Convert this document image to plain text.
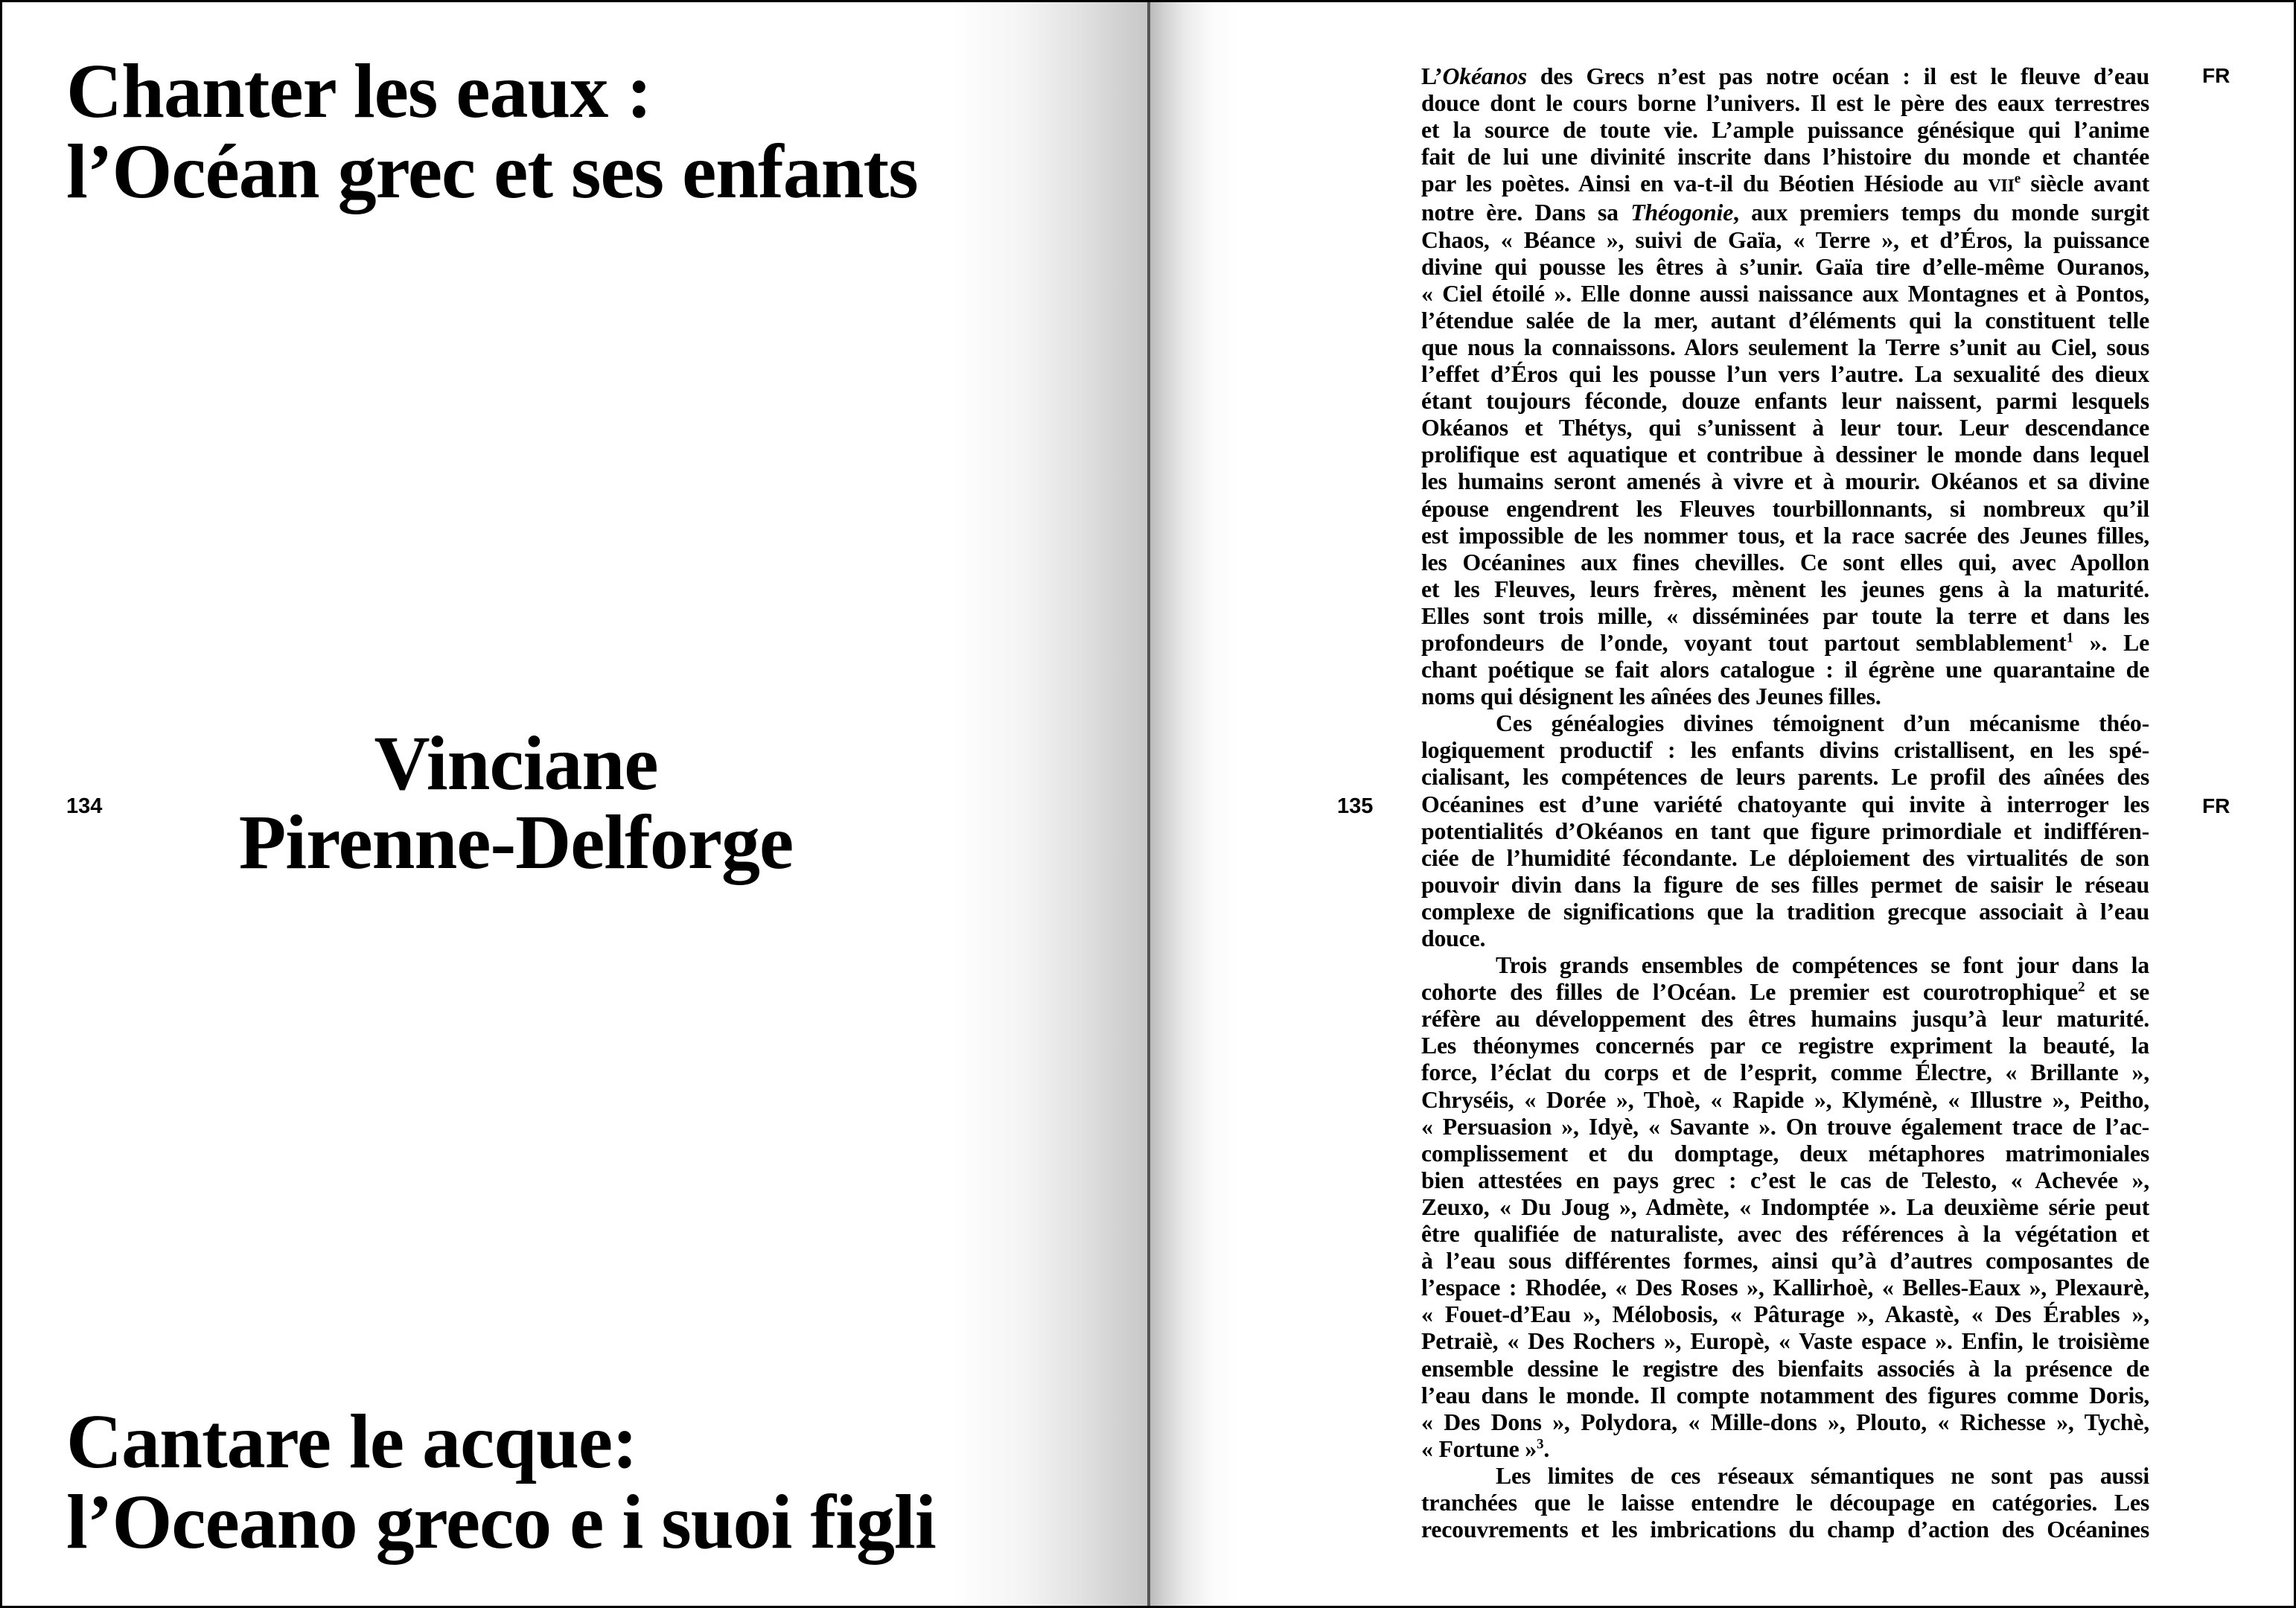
Chanter les eaux :
l’Océan grec et ses enfants
Vinciane
Pirenne-Delforge
134
Cantare le acque:
l’Oceano greco e i suoi figli
135
FR
FR

L’Okéanos des Grecs n’est pas notre océan : il est le fleuve d’eau

douce dont le cours borne l’univers. Il est le père des eaux terrestres

et la source de toute vie. L’ample puissance génésique qui l’anime

fait de lui une divinité inscrite dans l’histoire du monde et chantée

par les poètes. Ainsi en va-t-il du Béotien Hésiode au VIIe siècle avant

notre ère. Dans sa Théogonie, aux premiers temps du monde surgit

Chaos, « Béance », suivi de Gaïa, « Terre », et d’Éros, la puissance

divine qui pousse les êtres à s’unir. Gaïa tire d’elle-même Ouranos,

« Ciel étoilé ». Elle donne aussi naissance aux Montagnes et à Pontos,

l’étendue salée de la mer, autant d’éléments qui la constituent telle

que nous la connaissons. Alors seulement la Terre s’unit au Ciel, sous

l’effet d’Éros qui les pousse l’un vers l’autre. La sexualité des dieux

étant toujours féconde, douze enfants leur naissent, parmi lesquels

Okéanos et Thétys, qui s’unissent à leur tour. Leur descendance

prolifique est aquatique et contribue à dessiner le monde dans lequel

les humains seront amenés à vivre et à mourir. Okéanos et sa divine

épouse engendrent les Fleuves tourbillonnants, si nombreux qu’il

est impossible de les nommer tous, et la race sacrée des Jeunes filles,

les Océanines aux fines chevilles. Ce sont elles qui, avec Apollon

et les Fleuves, leurs frères, mènent les jeunes gens à la maturité.

Elles sont trois mille, « disséminées par toute la terre et dans les

profondeurs de l’onde, voyant tout partout semblablement$^1$ ». Le

chant poétique se fait alors catalogue : il égrène une quarantaine de

noms qui désignent les aînées des Jeunes filles.

Ces généalogies divines témoignent d’un mécanisme théo-

logiquement productif : les enfants divins cristallisent, en les spé-

cialisant, les compétences de leurs parents. Le profil des aînées des

Océanines est d’une variété chatoyante qui invite à interroger les

potentialités d’Okéanos en tant que figure primordiale et indifféren-

ciée de l’humidité fécondante. Le déploiement des virtualités de son

pouvoir divin dans la figure de ses filles permet de saisir le réseau

complexe de significations que la tradition grecque associait à l’eau

douce.

Trois grands ensembles de compétences se font jour dans la

cohorte des filles de l’Océan. Le premier est courotrophique$^2$ et se

réfère au développement des êtres humains jusqu’à leur maturité.

Les théonymes concernés par ce registre expriment la beauté, la

force, l’éclat du corps et de l’esprit, comme Électre, « Brillante »,

Chryséis, « Dorée », Thoè, « Rapide », Klyménè, « Illustre », Peitho,

« Persuasion », Idyè, « Savante ». On trouve également trace de l’ac-

complissement et du domptage, deux métaphores matrimoniales

bien attestées en pays grec : c’est le cas de Telesto, « Achevée »,

Zeuxo, « Du Joug », Admète, « Indomptée ». La deuxième série peut

être qualifiée de naturaliste, avec des références à la végétation et

à l’eau sous différentes formes, ainsi qu’à d’autres composantes de

l’espace : Rhodée, « Des Roses », Kallirhoè, « Belles-Eaux », Plexaurè,

« Fouet-d’Eau », Mélobosis, « Pâturage », Akastè, « Des Érables »,

Petraiè, « Des Rochers », Europè, « Vaste espace ». Enfin, le troisième

ensemble dessine le registre des bienfaits associés à la présence de

l’eau dans le monde. Il compte notamment des figures comme Doris,

« Des Dons », Polydora, « Mille-dons », Plouto, « Richesse », Tychè,

« Fortune »$^3$.

Les limites de ces réseaux sémantiques ne sont pas aussi

tranchées que le laisse entendre le découpage en catégories. Les

recouvrements et les imbrications du champ d’action des Océanines
